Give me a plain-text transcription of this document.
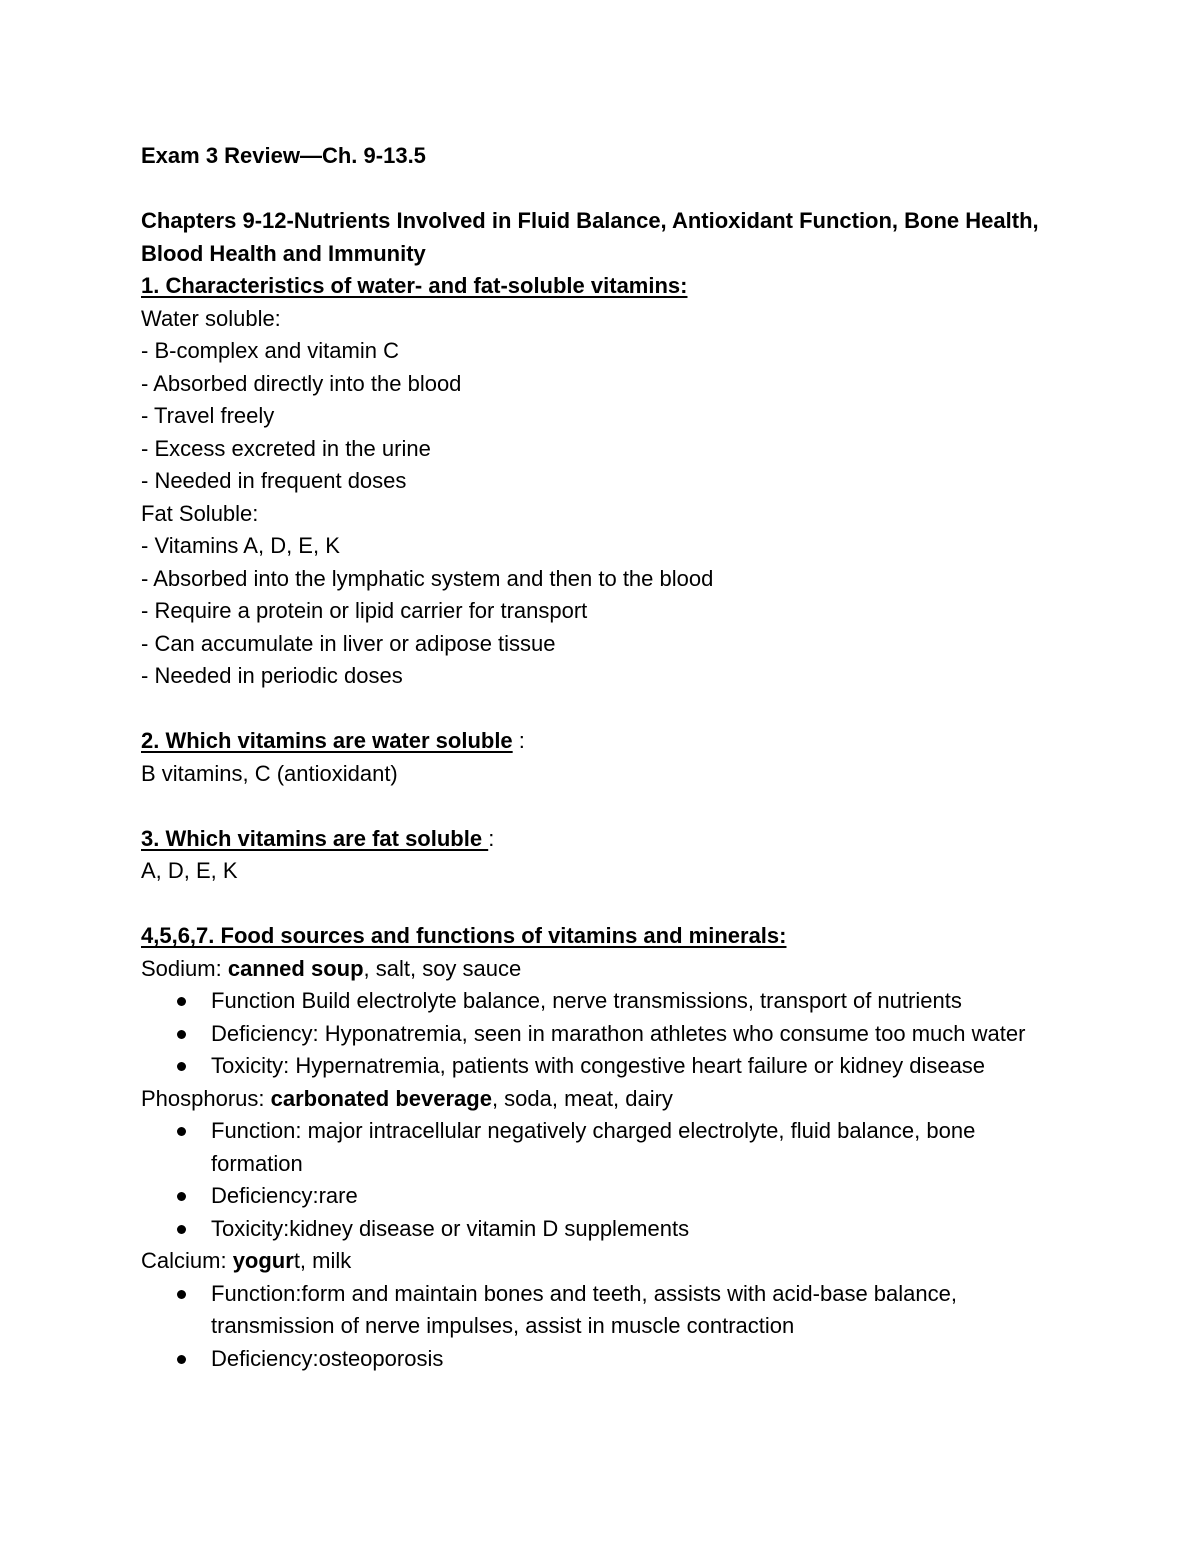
Exam 3 Review—Ch. 9-13.5
Chapters 9-12-Nutrients Involved in Fluid Balance, Antioxidant Function, Bone Health, Blood Health and Immunity
1. Characteristics of water- and fat-soluble vitamins:
Water soluble:
- B-complex and vitamin C
- Absorbed directly into the blood
- Travel freely
- Excess excreted in the urine
- Needed in frequent doses
Fat Soluble:
- Vitamins A, D, E, K
- Absorbed into the lymphatic system and then to the blood
- Require a protein or lipid carrier for transport
- Can accumulate in liver or adipose tissue
- Needed in periodic doses
2. Which vitamins are water soluble :
B vitamins, C (antioxidant)
3. Which vitamins are fat soluble :
A, D, E, K
4,5,6,7. Food sources and functions of vitamins and minerals:
Sodium: canned soup, salt, soy sauce
Function Build electrolyte balance, nerve transmissions, transport of nutrients
Deficiency: Hyponatremia, seen in marathon athletes who consume too much water
Toxicity: Hypernatremia, patients with congestive heart failure or kidney disease
Phosphorus: carbonated beverage, soda, meat, dairy
Function: major intracellular negatively charged electrolyte, fluid balance, bone formation
Deficiency:rare
Toxicity:kidney disease or vitamin D supplements
Calcium: yogurt, milk
Function:form and maintain bones and teeth, assists with acid-base balance, transmission of nerve impulses, assist in muscle contraction
Deficiency:osteoporosis
